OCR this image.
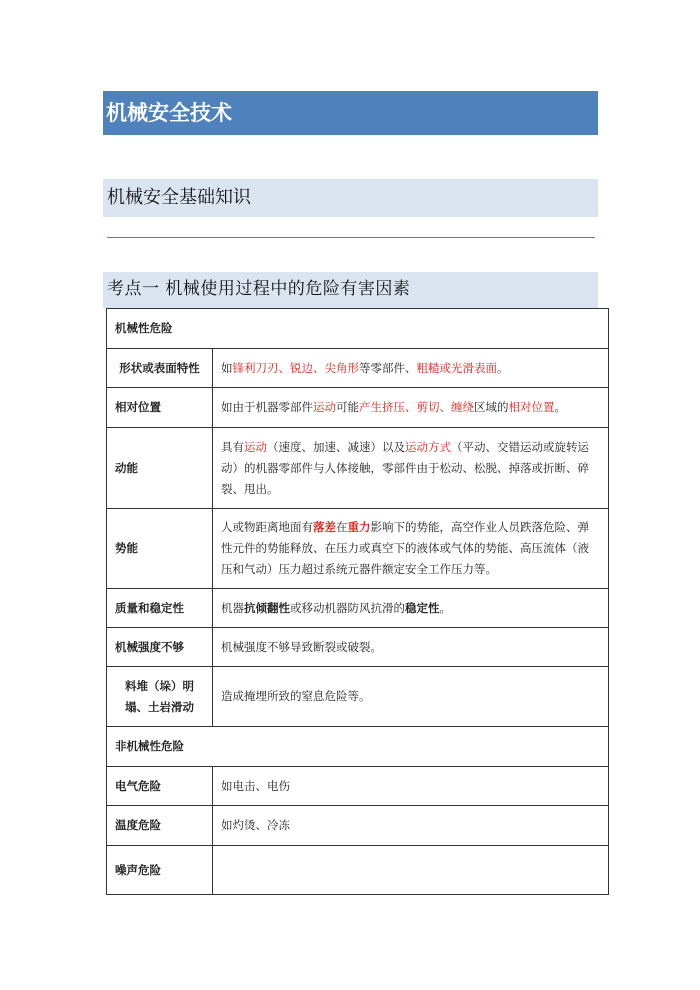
机械安全技术
机械安全基础知识
考点一 机械使用过程中的危险有害因素
机械性危险	
形状或表面特性	如锋利刀刃、锐边、尖角形等零部件、粗糙或光滑表面。
相对位置	如由于机器零部件运动可能产生挤压、剪切、缠绕区域的相对位置。
动能	具有运动（速度、加速、减速）以及运动方式（平动、交错运动或旋转运动）的机器零部件与人体接触，零部件由于松动、松脱、掉落或折断、碎裂、甩出。
势能	人或物距离地面有落差在重力影响下的势能，高空作业人员跌落危险、弹性元件的势能释放、在压力或真空下的液体或气体的势能、高压流体（液压和气动）压力超过系统元器件额定安全工作压力等。
质量和稳定性	机器抗倾翻性或移动机器防风抗滑的稳定性。
机械强度不够	机械强度不够导致断裂或破裂。
料堆（垛）明塌、土岩滑动	造成掩埋所致的窒息危险等。
非机械性危险	
电气危险	如电击、电伤
温度危险	如灼烫、冷冻
噪声危险	
